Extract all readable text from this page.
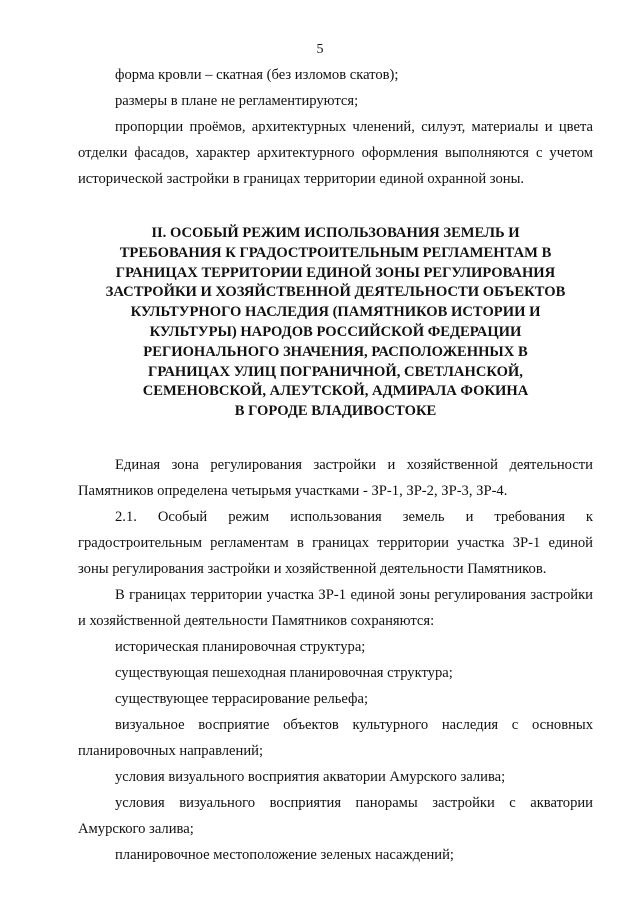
5

форма кровли – скатная (без изломов скатов);

размеры в плане не регламентируются;

пропорции проёмов, архитектурных членений, силуэт, материалы и цвета отделки фасадов, характер архитектурного оформления выполняются с учетом исторической застройки в границах территории единой охранной зоны.

II. ОСОБЫЙ РЕЖИМ ИСПОЛЬЗОВАНИЯ ЗЕМЕЛЬ И
ТРЕБОВАНИЯ К ГРАДОСТРОИТЕЛЬНЫМ РЕГЛАМЕНТАМ В
ГРАНИЦАХ ТЕРРИТОРИИ ЕДИНОЙ ЗОНЫ РЕГУЛИРОВАНИЯ
ЗАСТРОЙКИ И ХОЗЯЙСТВЕННОЙ ДЕЯТЕЛЬНОСТИ ОБЪЕКТОВ
КУЛЬТУРНОГО НАСЛЕДИЯ (ПАМЯТНИКОВ ИСТОРИИ И
КУЛЬТУРЫ) НАРОДОВ РОССИЙСКОЙ ФЕДЕРАЦИИ
РЕГИОНАЛЬНОГО ЗНАЧЕНИЯ, РАСПОЛОЖЕННЫХ В
ГРАНИЦАХ УЛИЦ ПОГРАНИЧНОЙ, СВЕТЛАНСКОЙ,
СЕМЕНОВСКОЙ, АЛЕУТСКОЙ, АДМИРАЛА ФОКИНА
В ГОРОДЕ ВЛАДИВОСТОКЕ

Единая зона регулирования застройки и хозяйственной деятельности Памятников определена четырьмя участками - ЗР-1, ЗР-2, ЗР-3, ЗР-4.

2.1. Особый режим использования земель и требования к градостроительным регламентам в границах территории участка ЗР-1 единой зоны регулирования застройки и хозяйственной деятельности Памятников.

В границах территории участка ЗР-1 единой зоны регулирования застройки и хозяйственной деятельности Памятников сохраняются:

историческая планировочная структура;

существующая пешеходная планировочная структура;

существующее террасирование рельефа;

визуальное восприятие объектов культурного наследия с основных планировочных направлений;

условия визуального восприятия акватории Амурского залива;

условия визуального восприятия панорамы застройки с акватории Амурского залива;

планировочное местоположение зеленых насаждений;
